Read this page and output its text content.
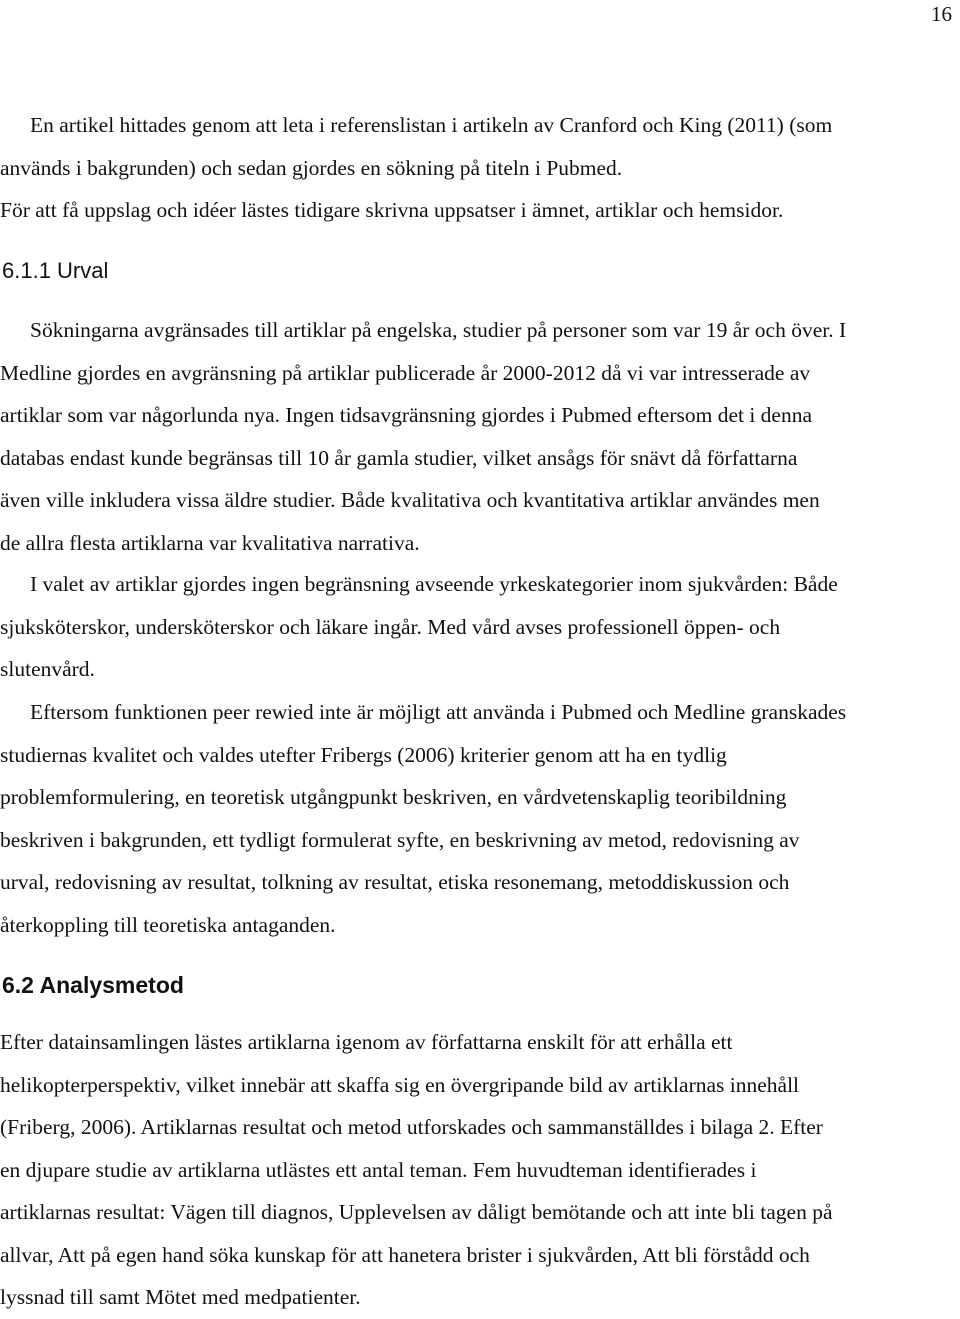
16

En artikel hittades genom att leta i referenslistan i artikeln av Cranford och King (2011) (som
används i bakgrunden) och sedan gjordes en sökning på titeln i Pubmed.
För att få uppslag och idéer lästes tidigare skrivna uppsatser i ämnet, artiklar och hemsidor.

6.1.1 Urval

Sökningarna avgränsades till artiklar på engelska, studier på personer som var 19 år och över. I
Medline gjordes en avgränsning på artiklar publicerade år 2000-2012 då vi var intresserade av
artiklar som var någorlunda nya. Ingen tidsavgränsning gjordes i Pubmed eftersom det i denna
databas endast kunde begränsas till 10 år gamla studier, vilket ansågs för snävt då författarna
även ville inkludera vissa äldre studier. Både kvalitativa och kvantitativa artiklar användes men
de allra flesta artiklarna var kvalitativa narrativa.

I valet av artiklar gjordes ingen begränsning avseende yrkeskategorier inom sjukvården: Både
sjuksköterskor, undersköterskor och läkare ingår. Med vård avses professionell öppen- och
slutenvård.

Eftersom funktionen peer rewied inte är möjligt att använda i Pubmed och Medline granskades
studiernas kvalitet och valdes utefter Fribergs (2006) kriterier genom att ha en tydlig
problemformulering, en teoretisk utgångpunkt beskriven, en vårdvetenskaplig teoribildning
beskriven i bakgrunden, ett tydligt formulerat syfte, en beskrivning av metod, redovisning av
urval, redovisning av resultat, tolkning av resultat, etiska resonemang, metoddiskussion och
återkoppling till teoretiska antaganden.

6.2 Analysmetod

Efter datainsamlingen lästes artiklarna igenom av författarna enskilt för att erhålla ett
helikopterperspektiv, vilket innebär att skaffa sig en övergripande bild av artiklarnas innehåll
(Friberg, 2006). Artiklarnas resultat och metod utforskades och sammanställdes i bilaga 2. Efter
en djupare studie av artiklarna utlästes ett antal teman. Fem huvudteman identifierades i
artiklarnas resultat: Vägen till diagnos, Upplevelsen av dåligt bemötande och att inte bli tagen på
allvar, Att på egen hand söka kunskap för att hanetera brister i sjukvården, Att bli förstådd och
lyssnad till samt Mötet med medpatienter.
